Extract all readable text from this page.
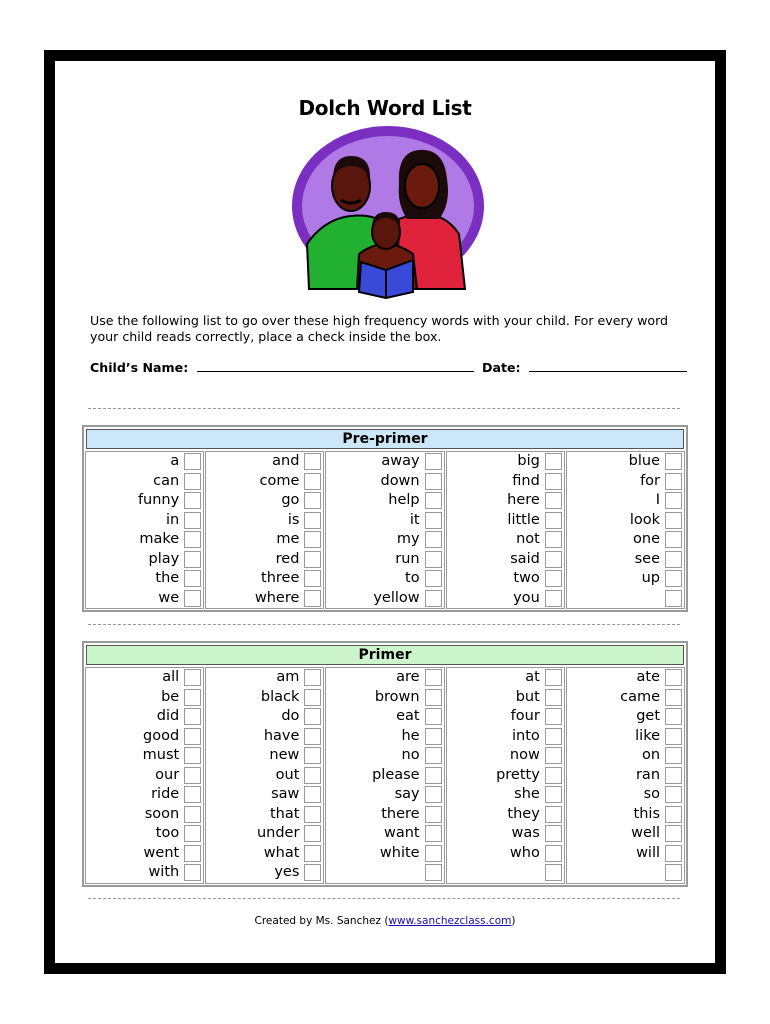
Dolch Word List
Use the following list to go over these high frequency words with your child. For every word your child reads correctly, place a check inside the box.
Child’s Name:	Date:
Pre-primer
a
can
funny
in
make
play
the
we
and
come
go
is
me
red
three
where
away
down
help
it
my
run
to
yellow
big
find
here
little
not
said
two
you
blue
for
I
look
one
see
up
Primer
all
be
did
good
must
our
ride
soon
too
went
with
am
black
do
have
new
out
saw
that
under
what
yes
are
brown
eat
he
no
please
say
there
want
white
at
but
four
into
now
pretty
she
they
was
who
ate
came
get
like
on
ran
so
this
well
will
Created by Ms. Sanchez (www.sanchezclass.com)
